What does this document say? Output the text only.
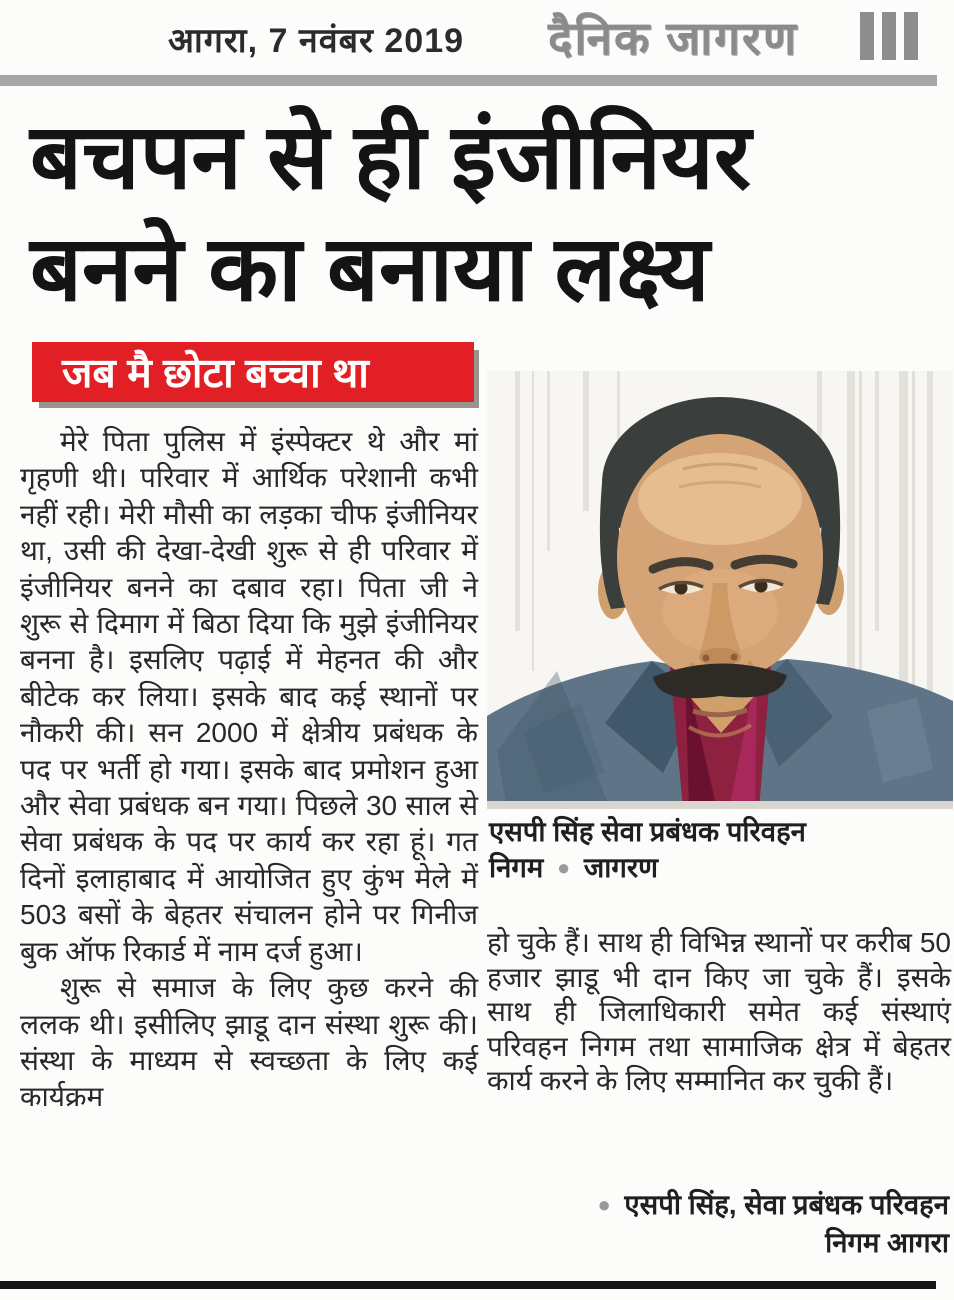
आगरा, 7 नवंबर 2019 दैनिक जागरण
बचपन से ही इंजीनियर
बनने का बनाया लक्ष्य
जब मै छोटा बच्चा था

मेरे पिता पुलिस में इंस्पेक्टर थे और मां गृहणी थी। परिवार में आर्थिक परेशानी कभी नहीं रही। मेरी मौसी का लड़का चीफ इंजीनियर था, उसी की देखा-देखी शुरू से ही परिवार में इंजीनियर बनने का दबाव रहा। पिता जी ने शुरू से दिमाग में बिठा दिया कि मुझे इंजीनियर बनना है। इसलिए पढ़ाई में मेहनत की और बीटेक कर लिया। इसके बाद कई स्थानों पर नौकरी की। सन 2000 में क्षेत्रीय प्रबंधक के पद पर भर्ती हो गया। इसके बाद प्रमोशन हुआ और सेवा प्रबंधक बन गया। पिछले 30 साल से सेवा प्रबंधक के पद पर कार्य कर रहा हूं। गत दिनों इलाहाबाद में आयोजित हुए कुंभ मेले में 503 बसों के बेहतर संचालन होने पर गिनीज बुक ऑफ रिकार्ड में नाम दर्ज हुआ।

शुरू से समाज के लिए कुछ करने की ललक थी। इसीलिए झाडू दान संस्था शुरू की। संस्था के माध्यम से स्वच्छता के लिए कई कार्यक्रम

एसपी सिंह सेवा प्रबंधक परिवहन
निगम ● जागरण

हो चुके हैं। साथ ही विभिन्न स्थानों पर करीब 50 हजार झाडू भी दान किए जा चुके हैं। इसके साथ ही जिलाधिकारी समेत कई संस्थाएं परिवहन निगम तथा सामाजिक क्षेत्र में बेहतर कार्य करने के लिए सम्मानित कर चुकी हैं।

● एसपी सिंह, सेवा प्रबंधक परिवहन
निगम आगरा
